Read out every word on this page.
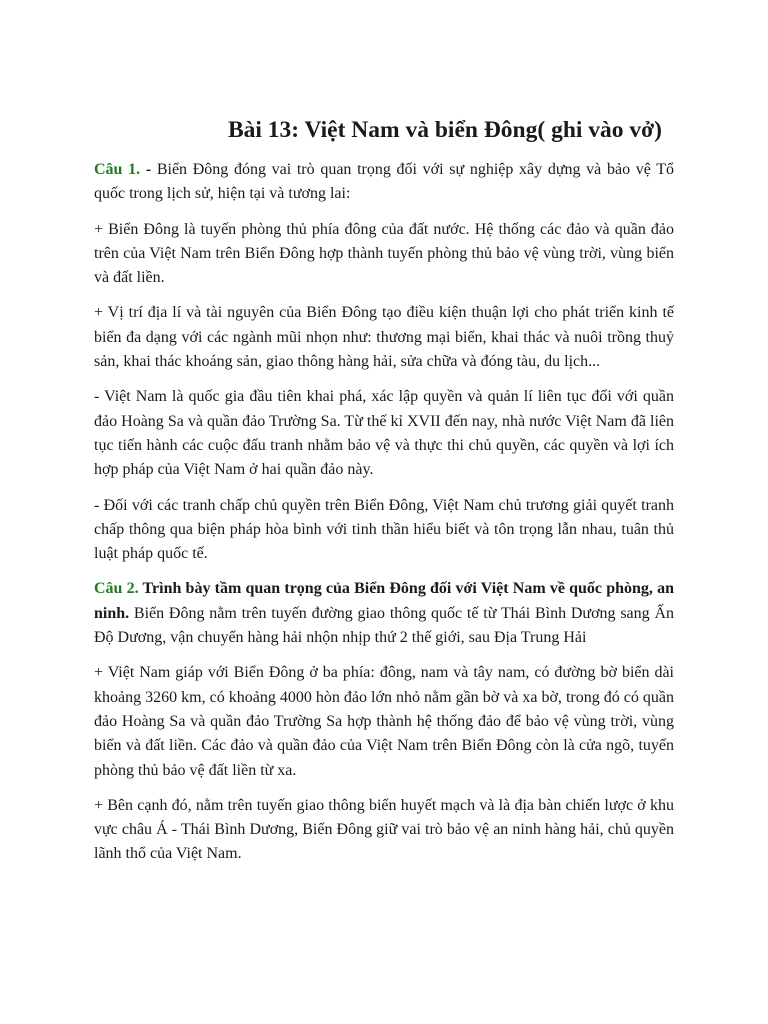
Bài 13: Việt Nam và biển Đông( ghi vào vở)

Câu 1. - Biển Đông đóng vai trò quan trọng đối với sự nghiệp xây dựng và bảo vệ Tổ quốc trong lịch sử, hiện tại và tương lai:

+ Biển Đông là tuyến phòng thủ phía đông của đất nước. Hệ thống các đảo và quần đảo trên của Việt Nam trên Biển Đông hợp thành tuyến phòng thủ bảo vệ vùng trời, vùng biển và đất liền.

+ Vị trí địa lí và tài nguyên của Biển Đông tạo điều kiện thuận lợi cho phát triển kinh tế biển đa dạng với các ngành mũi nhọn như: thương mại biển, khai thác và nuôi trồng thuỷ sản, khai thác khoáng sản, giao thông hàng hải, sửa chữa và đóng tàu, du lịch...

- Việt Nam là quốc gia đầu tiên khai phá, xác lập quyền và quản lí liên tục đối với quần đảo Hoàng Sa và quần đảo Trường Sa. Từ thế kỉ XVII đến nay, nhà nước Việt Nam đã liên tục tiến hành các cuộc đấu tranh nhằm bảo vệ và thực thi chủ quyền, các quyền và lợi ích hợp pháp của Việt Nam ở hai quần đảo này.

- Đối với các tranh chấp chủ quyền trên Biển Đông, Việt Nam chủ trương giải quyết tranh chấp thông qua biện pháp hòa bình với tinh thần hiểu biết và tôn trọng lẫn nhau, tuân thủ luật pháp quốc tế.

Câu 2. Trình bày tầm quan trọng của Biển Đông đối với Việt Nam về quốc phòng, an ninh. Biển Đông nằm trên tuyến đường giao thông quốc tế từ Thái Bình Dương sang Ấn Độ Dương, vận chuyển hàng hải nhộn nhịp thứ 2 thế giới, sau Địa Trung Hải

+ Việt Nam giáp với Biển Đông ở ba phía: đông, nam và tây nam, có đường bờ biển dài khoảng 3260 km, có khoảng 4000 hòn đảo lớn nhỏ nằm gần bờ và xa bờ, trong đó có quần đảo Hoàng Sa và quần đảo Trường Sa hợp thành hệ thống đảo để bảo vệ vùng trời, vùng biển và đất liền. Các đảo và quần đảo của Việt Nam trên Biển Đông còn là cửa ngõ, tuyến phòng thủ bảo vệ đất liền từ xa.

+ Bên cạnh đó, nằm trên tuyến giao thông biển huyết mạch và là địa bàn chiến lược ở khu vực châu Á - Thái Bình Dương, Biển Đông giữ vai trò bảo vệ an ninh hàng hải, chủ quyền lãnh thổ của Việt Nam.
